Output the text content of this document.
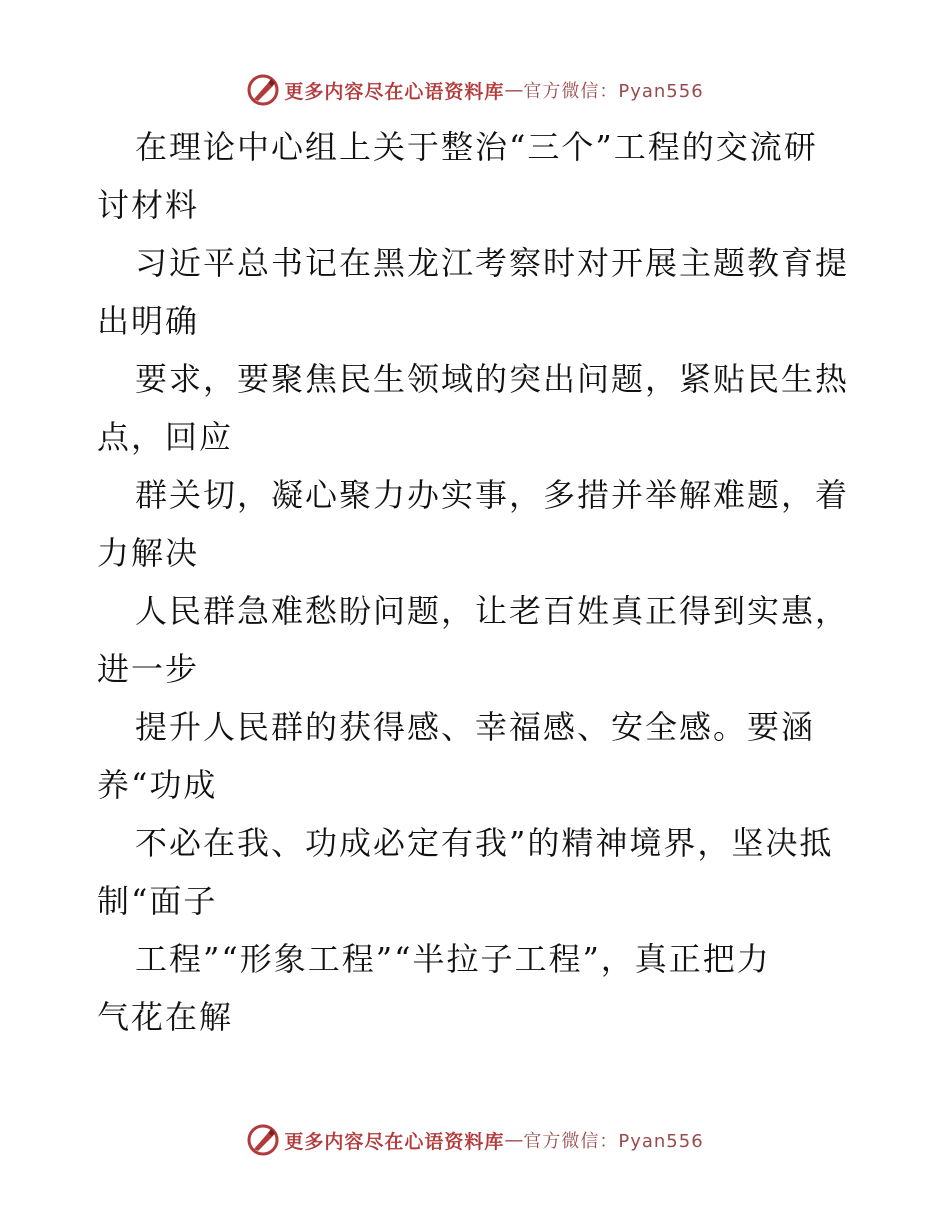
更多内容尽在心语资料库 — 官方微信：Pyan556
在理论中心组上关于整治“三个”工程的交流研
讨材料
习近平总书记在黑龙江考察时对开展主题教育提
出明确
要求，要聚焦民生领域的突出问题，紧贴民生热
点，回应
群关切，凝心聚力办实事，多措并举解难题，着
力解决
人民群急难愁盼问题，让老百姓真正得到实惠，
进一步
提升人民群的获得感、幸福感、安全感。要涵
养“功成
不必在我、功成必定有我”的精神境界，坚决抵
制“面子
工程”“形象工程”“半拉子工程”，真正把力
气花在解
更多内容尽在心语资料库 — 官方微信：Pyan556
